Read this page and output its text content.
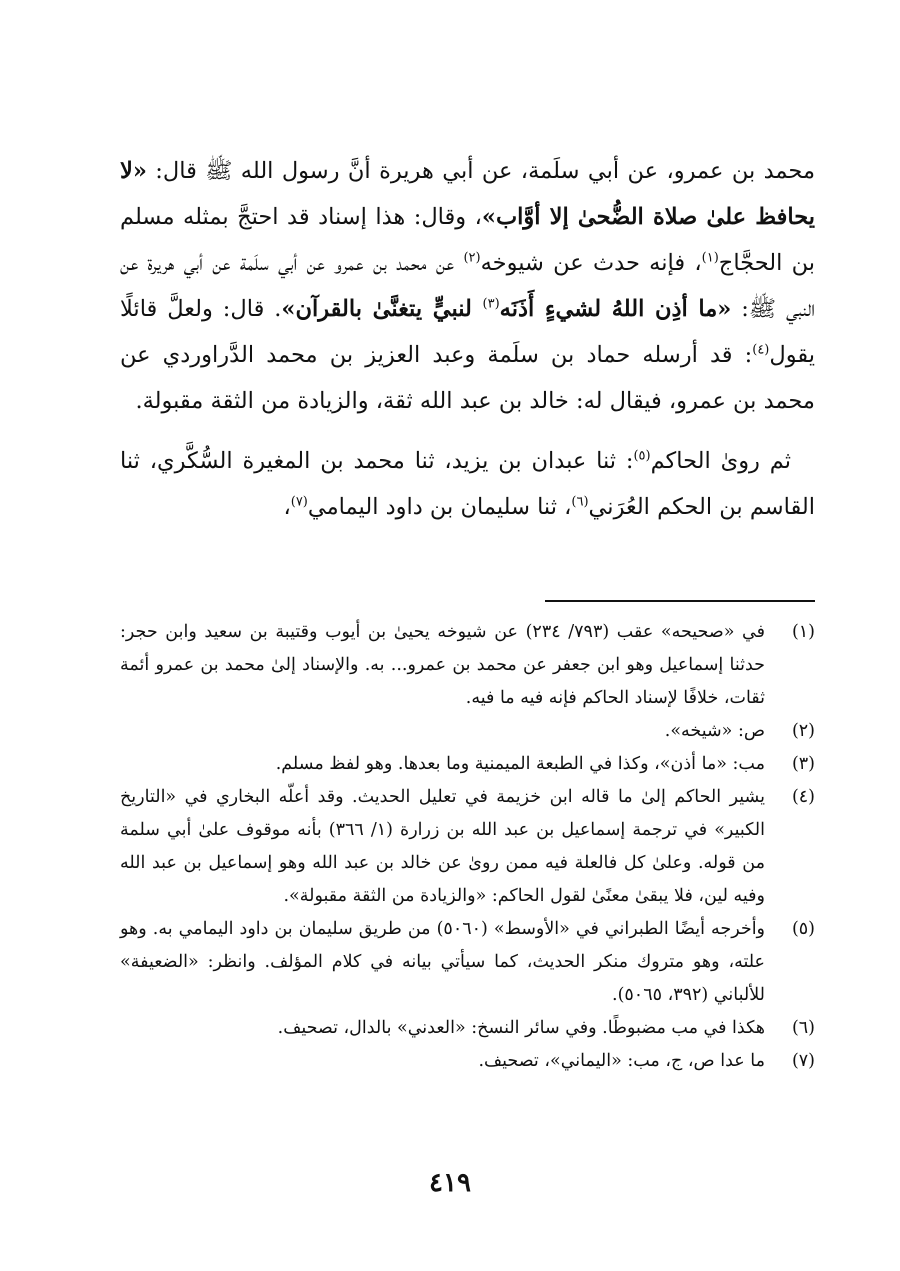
محمد بن عمرو، عن أبي سلَمة، عن أبي هريرة أنَّ رسول الله ﷺ قال: «لا يحافظ علىٰ صلاة الضُّحىٰ إلا أوَّاب»، وقال: هذا إسناد قد احتجَّ بمثله مسلم بن الحجَّاج$^{(١)}$، فإنه حدث عن شيوخه$^{(٢)}$ عن محمد بن عمرو عن أبي سلَمة عن أبي هريرة عن النبي ﷺ: «ما أذِن اللهُ لشيءٍ أَذَنَه$^{(٣)}$ لنبيٍّ يتغنَّىٰ بالقرآن». قال: ولعلَّ قائلًا يقول$^{(٤)}$: قد أرسله حماد بن سلَمة وعبد العزيز بن محمد الدَّراوردي عن محمد بن عمرو، فيقال له: خالد بن عبد الله ثقة، والزيادة من الثقة مقبولة.

ثم روىٰ الحاكم$^{(٥)}$: ثنا عبدان بن يزيد، ثنا محمد بن المغيرة السُّكَّري، ثنا القاسم بن الحكم العُرَني$^{(٦)}$، ثنا سليمان بن داود اليمامي$^{(٧)}$،

(١)
في «صحيحه» عقب (٧٩٣/ ٢٣٤) عن شيوخه يحيىٰ بن أيوب وقتيبة بن سعيد وابن حجر: حدثنا إسماعيل وهو ابن جعفر عن محمد بن عمرو... به. والإسناد إلىٰ محمد بن عمرو أئمة ثقات، خلافًا لإسناد الحاكم فإنه فيه ما فيه.
(٢)
ص: «شيخه».
(٣)
مب: «ما أذن»، وكذا في الطبعة الميمنية وما بعدها. وهو لفظ مسلم.
(٤)
يشير الحاكم إلىٰ ما قاله ابن خزيمة في تعليل الحديث. وقد أعلّه البخاري في «التاريخ الكبير» في ترجمة إسماعيل بن عبد الله بن زرارة (١/ ٣٦٦) بأنه موقوف علىٰ أبي سلمة من قوله. وعلىٰ كل فالعلة فيه ممن روىٰ عن خالد بن عبد الله وهو إسماعيل بن عبد الله وفيه لين، فلا يبقىٰ معنًىٰ لقول الحاكم: «والزيادة من الثقة مقبولة».
(٥)
وأخرجه أيضًا الطبراني في «الأوسط» (٥٠٦٠) من طريق سليمان بن داود اليمامي به. وهو علته، وهو متروك منكر الحديث، كما سيأتي بيانه في كلام المؤلف. وانظر: «الضعيفة» للألباني (٣٩٢، ٥٠٦٥).
(٦)
هكذا في مب مضبوطًا. وفي سائر النسخ: «العدني» بالدال، تصحيف.
(٧)
ما عدا ص، ج، مب: «اليماني»، تصحيف.
٤١٩
